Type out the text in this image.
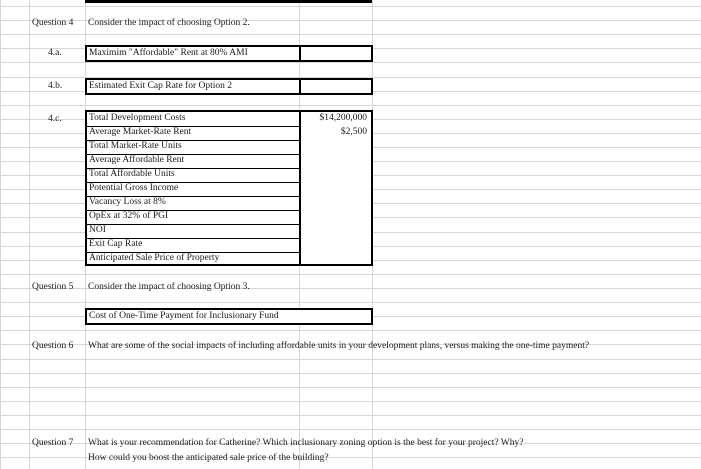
Question 4 Consider the impact of choosing Option 2.
4.a.	Maximim "Affordable" Rent at 80% AMI
4.b.	Estimated Exit Cap Rate for Option 2
4.c.	Total Development Costs	$14,200,000
Average Market-Rate Rent	$2,500
Total Market-Rate Units
Average Affordable Rent
Total Affordable Units
Potential Gross Income
Vacancy Loss at 8%
OpEx at 32% of PGI
NOI
Exit Cap Rate
Anticipated Sale Price of Property
Question 5 Consider the impact of choosing Option 3.
Cost of One-Time Payment for Inclusionary Fund
Question 6 What are some of the social impacts of including affordable units in your development plans, versus making the one-time payment?
Question 7 What is your recommendation for Catherine? Which inclusionary zoning option is the best for your project? Why?
How could you boost the anticipated sale price of the building?
